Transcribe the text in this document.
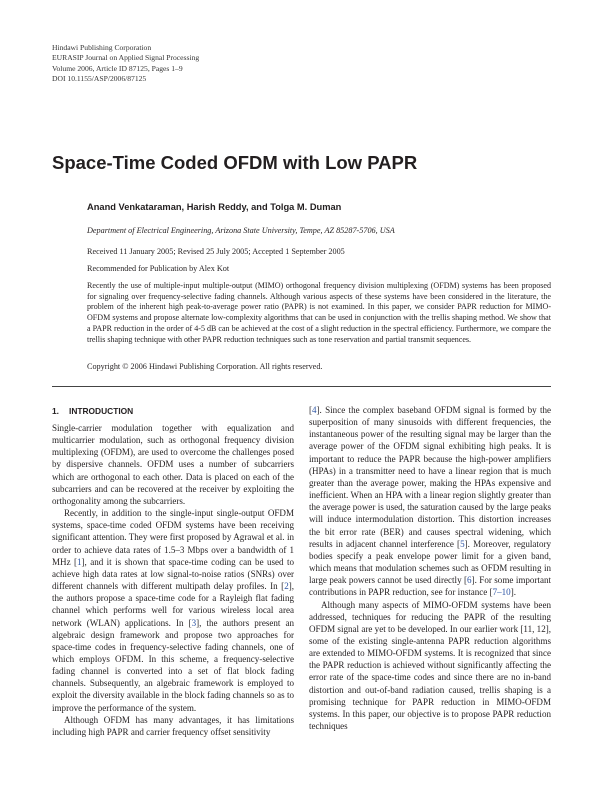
Hindawi Publishing Corporation
EURASIP Journal on Applied Signal Processing
Volume 2006, Article ID 87125, Pages 1–9
DOI 10.1155/ASP/2006/87125
Space-Time Coded OFDM with Low PAPR
Anand Venkataraman, Harish Reddy, and Tolga M. Duman
Department of Electrical Engineering, Arizona State University, Tempe, AZ 85287-5706, USA
Received 11 January 2005; Revised 25 July 2005; Accepted 1 September 2005
Recommended for Publication by Alex Kot

Recently the use of multiple-input multiple-output (MIMO) orthogonal frequency division multiplexing (OFDM) systems has been proposed for signaling over frequency-selective fading channels. Although various aspects of these systems have been considered in the literature, the problem of the inherent high peak-to-average power ratio (PAPR) is not examined. In this paper, we consider PAPR reduction for MIMO-OFDM systems and propose alternate low-complexity algorithms that can be used in conjunction with the trellis shaping method. We show that a PAPR reduction in the order of 4-5 dB can be achieved at the cost of a slight reduction in the spectral efficiency. Furthermore, we compare the trellis shaping technique with other PAPR reduction techniques such as tone reservation and partial transmit sequences.

Copyright © 2006 Hindawi Publishing Corporation. All rights reserved.
1. INTRODUCTION

Single-carrier modulation together with equalization and multicarrier modulation, such as orthogonal frequency division multiplexing (OFDM), are used to overcome the challenges posed by dispersive channels. OFDM uses a number of subcarriers which are orthogonal to each other. Data is placed on each of the subcarriers and can be recovered at the receiver by exploiting the orthogonality among the subcarriers.

Recently, in addition to the single-input single-output OFDM systems, space-time coded OFDM systems have been receiving significant attention. They were first proposed by Agrawal et al. in order to achieve data rates of 1.5–3 Mbps over a bandwidth of 1 MHz [1], and it is shown that space-time coding can be used to achieve high data rates at low signal-to-noise ratios (SNRs) over different channels with different multipath delay profiles. In [2], the authors propose a space-time code for a Rayleigh flat fading channel which performs well for various wireless local area network (WLAN) applications. In [3], the authors present an algebraic design framework and propose two approaches for space-time codes in frequency-selective fading channels, one of which employs OFDM. In this scheme, a frequency-selective fading channel is converted into a set of flat block fading channels. Subsequently, an algebraic framework is employed to exploit the diversity available in the block fading channels so as to improve the performance of the system.

Although OFDM has many advantages, it has limitations including high PAPR and carrier frequency offset sensitivity

[4]. Since the complex baseband OFDM signal is formed by the superposition of many sinusoids with different frequencies, the instantaneous power of the resulting signal may be larger than the average power of the OFDM signal exhibiting high peaks. It is important to reduce the PAPR because the high-power amplifiers (HPAs) in a transmitter need to have a linear region that is much greater than the average power, making the HPAs expensive and inefficient. When an HPA with a linear region slightly greater than the average power is used, the saturation caused by the large peaks will induce intermodulation distortion. This distortion increases the bit error rate (BER) and causes spectral widening, which results in adjacent channel interference [5]. Moreover, regulatory bodies specify a peak envelope power limit for a given band, which means that modulation schemes such as OFDM resulting in large peak powers cannot be used directly [6]. For some important contributions in PAPR reduction, see for instance [7–10].

Although many aspects of MIMO-OFDM systems have been addressed, techniques for reducing the PAPR of the resulting OFDM signal are yet to be developed. In our earlier work [11, 12], some of the existing single-antenna PAPR reduction algorithms are extended to MIMO-OFDM systems. It is recognized that since the PAPR reduction is achieved without significantly affecting the error rate of the space-time codes and since there are no in-band distortion and out-of-band radiation caused, trellis shaping is a promising technique for PAPR reduction in MIMO-OFDM systems. In this paper, our objective is to propose PAPR reduction techniques
